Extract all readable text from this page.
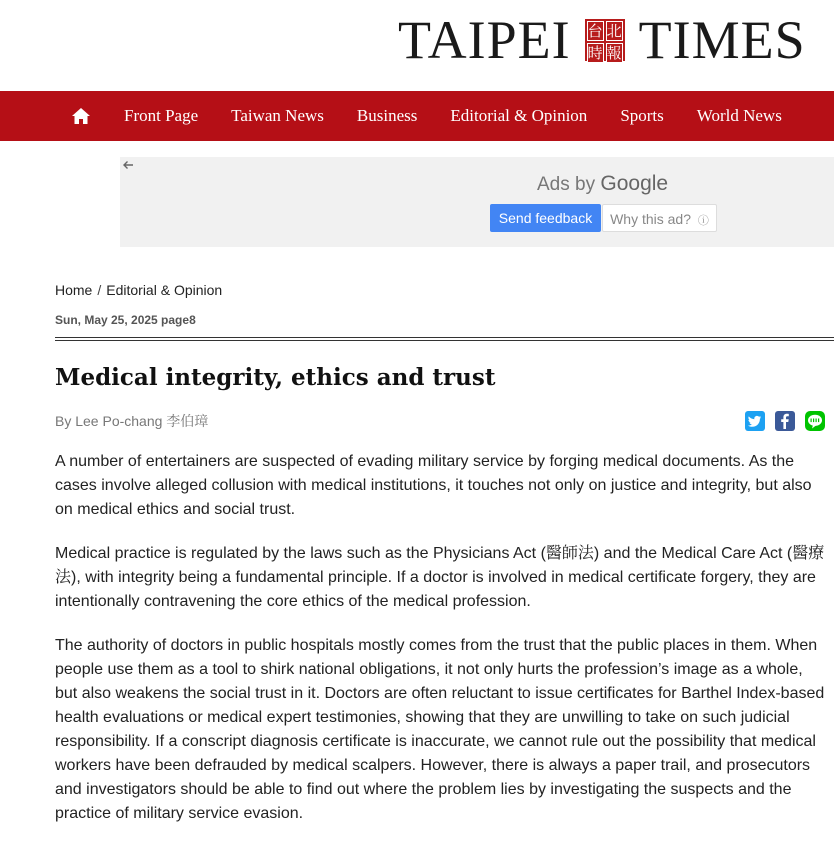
TAIPEI 台 北
時 報 TIMES
Front Page Taiwan News Business Editorial & Opinion Sports World News
Ads by Google
Send feedback	Why this ad? ⓘ
Home / Editorial & Opinion
Sun, May 25, 2025 page8
Medical integrity, ethics and trust
By Lee Po-chang 李伯璋

A number of entertainers are suspected of evading military service by forging medical documents. As the cases involve alleged collusion with medical institutions, it touches not only on justice and integrity, but also on medical ethics and social trust.

Medical practice is regulated by the laws such as the Physicians Act (醫師法) and the Medical Care Act (醫療法), with integrity being a fundamental principle. If a doctor is involved in medical certificate forgery, they are intentionally contravening the core ethics of the medical profession.

The authority of doctors in public hospitals mostly comes from the trust that the public places in them. When people use them as a tool to shirk national obligations, it not only hurts the profession’s image as a whole, but also weakens the social trust in it. Doctors are often reluctant to issue certificates for Barthel Index-based health evaluations or medical expert testimonies, showing that they are unwilling to take on such judicial responsibility. If a conscript diagnosis certificate is inaccurate, we cannot rule out the possibility that medical workers have been defrauded by medical scalpers. However, there is always a paper trail, and prosecutors and investigators should be able to find out where the problem lies by investigating the suspects and the practice of military service evasion.
